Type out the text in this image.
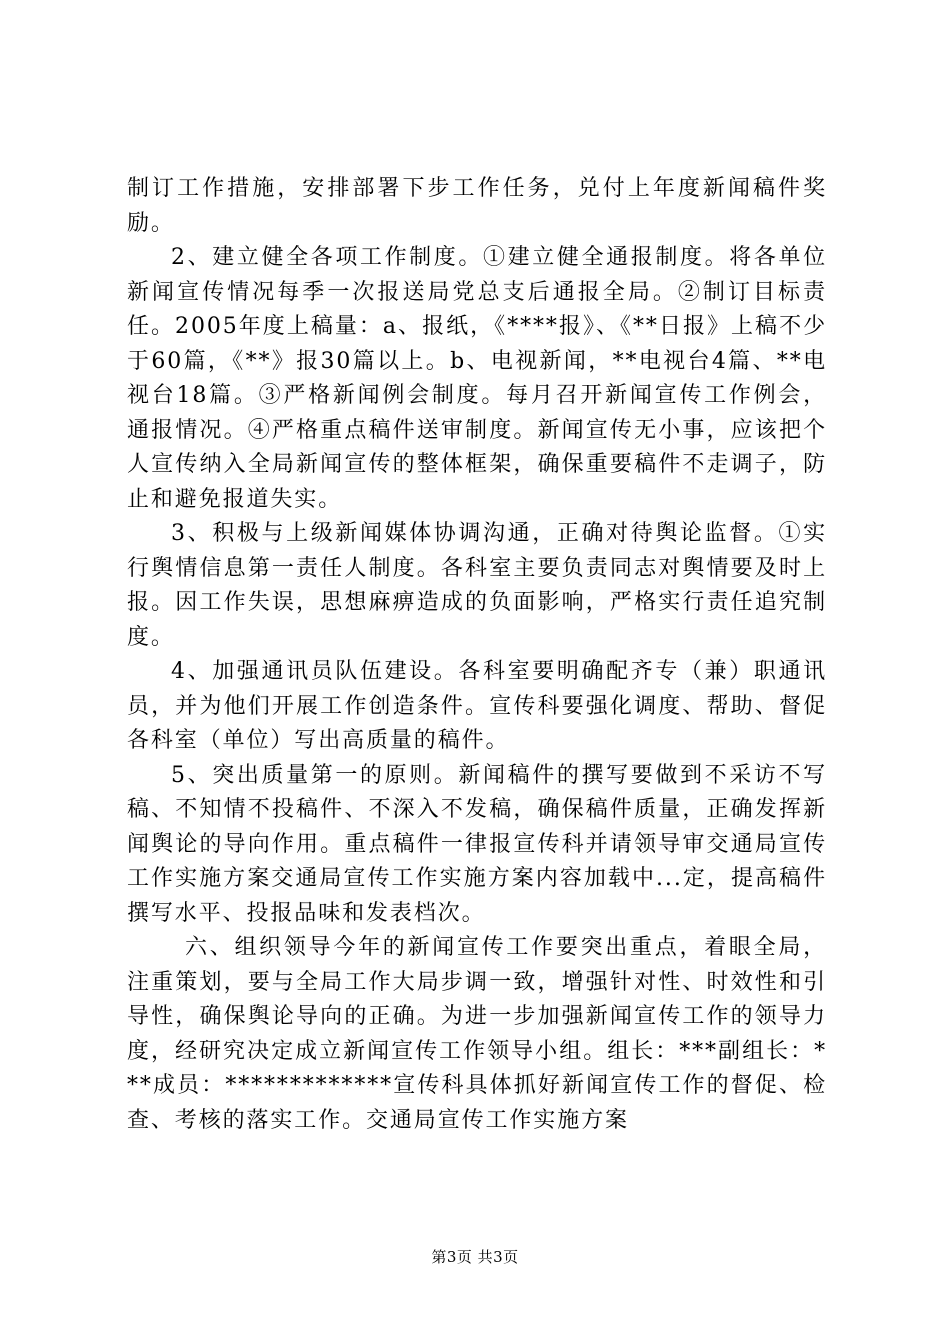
制订工作措施，安排部署下步工作任务，兑付上年度新闻稿件奖励。

2、建立健全各项工作制度。①建立健全通报制度。将各单位新闻宣传情况每季一次报送局党总支后通报全局。②制订目标责任。2005年度上稿量：a、报纸，《****报》、《**日报》上稿不少于60篇，《**》报30篇以上。b、电视新闻，**电视台4篇、**电视台18篇。③严格新闻例会制度。每月召开新闻宣传工作例会，通报情况。④严格重点稿件送审制度。新闻宣传无小事，应该把个人宣传纳入全局新闻宣传的整体框架，确保重要稿件不走调子，防止和避免报道失实。

3、积极与上级新闻媒体协调沟通，正确对待舆论监督。①实行舆情信息第一责任人制度。各科室主要负责同志对舆情要及时上报。因工作失误，思想麻痹造成的负面影响，严格实行责任追究制度。

4、加强通讯员队伍建设。各科室要明确配齐专（兼）职通讯员，并为他们开展工作创造条件。宣传科要强化调度、帮助、督促各科室（单位）写出高质量的稿件。

5、突出质量第一的原则。新闻稿件的撰写要做到不采访不写稿、不知情不投稿件、不深入不发稿，确保稿件质量，正确发挥新闻舆论的导向作用。重点稿件一律报宣传科并请领导审交通局宣传工作实施方案交通局宣传工作实施方案内容加载中...定，提高稿件撰写水平、投报品味和发表档次。

六、组织领导今年的新闻宣传工作要突出重点，着眼全局，注重策划，要与全局工作大局步调一致，增强针对性、时效性和引导性，确保舆论导向的正确。为进一步加强新闻宣传工作的领导力度，经研究决定成立新闻宣传工作领导小组。组长：***副组长：***成员：*************宣传科具体抓好新闻宣传工作的督促、检查、考核的落实工作。交通局宣传工作实施方案

第3页 共3页
